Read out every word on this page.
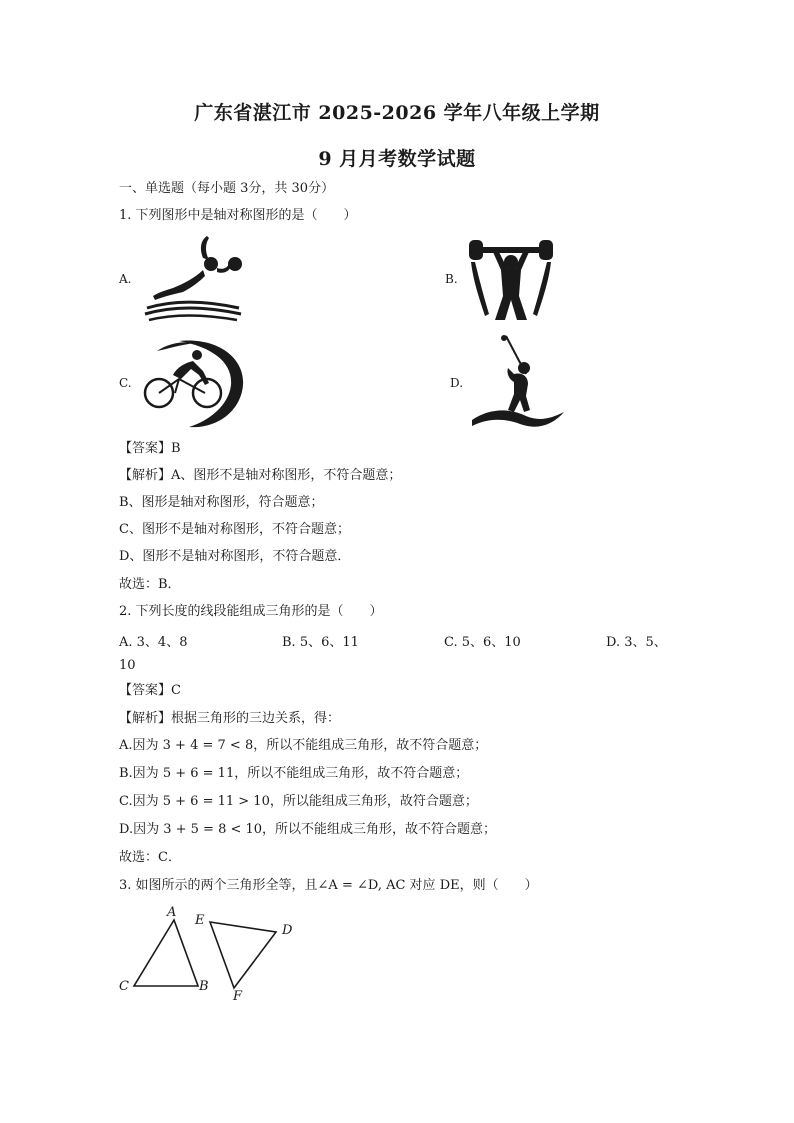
广东省湛江市 2025-2026 学年八年级上学期
9 月月考数学试题
一、单选题（每小题 3分，共 30分）
1. 下列图形中是轴对称图形的是（　　）
A.	B.
C.	D.
【答案】B
【解析】A、图形不是轴对称图形，不符合题意；
B、图形是轴对称图形，符合题意；
C、图形不是轴对称图形，不符合题意；
D、图形不是轴对称图形，不符合题意．
故选：B．
2. 下列长度的线段能组成三角形的是（　　）
A. 3、4、8	B. 5、6、11	C. 5、6、10	D. 3、5、
10
【答案】C
【解析】根据三角形的三边关系，得：
A.因为 3 + 4 = 7 < 8，所以不能组成三角形，故不符合题意；
B.因为 5 + 6 = 11，所以不能组成三角形，故不符合题意；
C.因为 5 + 6 = 11 > 10，所以能组成三角形，故符合题意；
D.因为 3 + 5 = 8 < 10，所以不能组成三角形，故不符合题意；
故选：C．
3. 如图所示的两个三角形全等，且∠A = ∠D, AC 对应 DE，则（　　）
A
B
C
D
E
F
